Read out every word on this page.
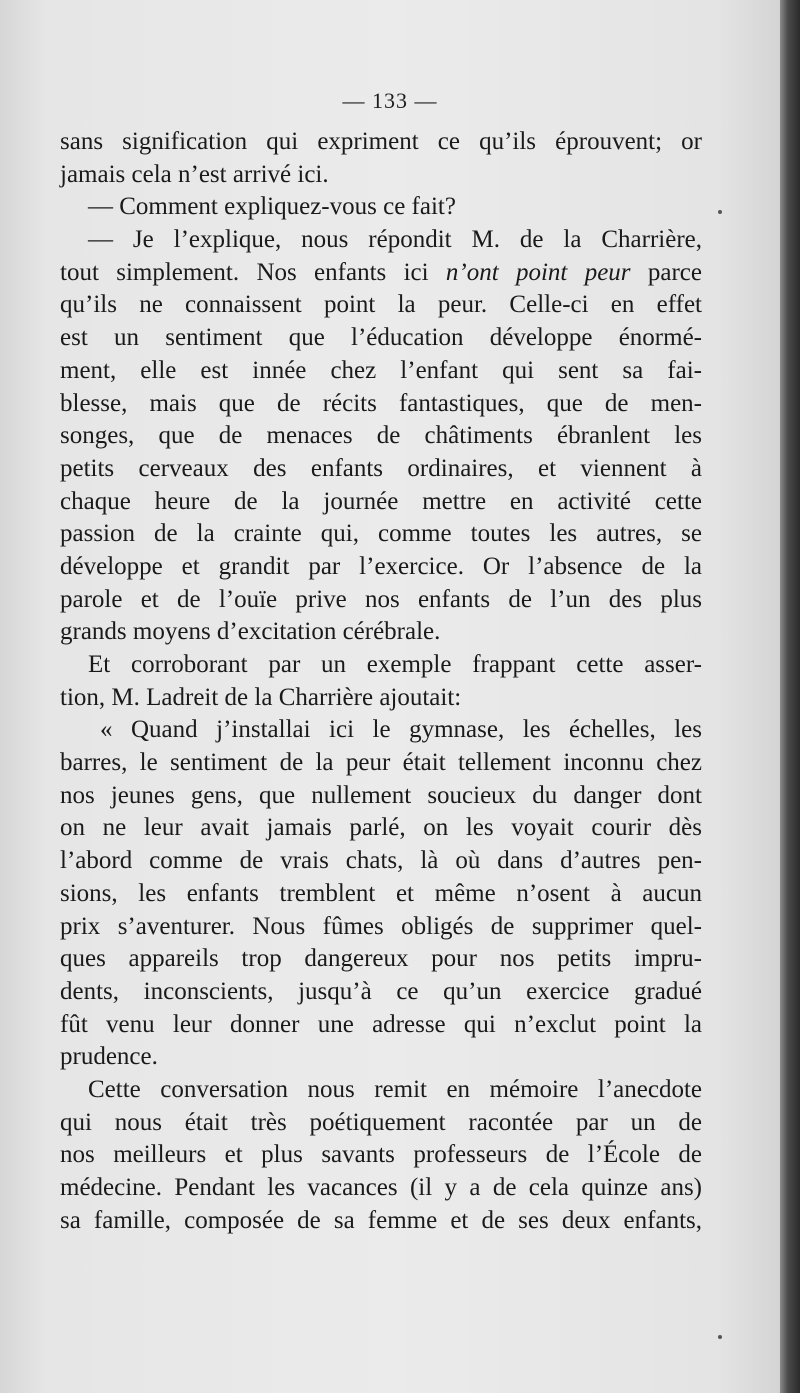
— 133 —
sans signification qui expriment ce qu’ils éprouvent; or
jamais cela n’est arrivé ici.
— Comment expliquez-vous ce fait?
— Je l’explique, nous répondit M. de la Charrière,
tout simplement. Nos enfants ici n’ont point peur parce
qu’ils ne connaissent point la peur. Celle-ci en effet
est un sentiment que l’éducation développe énormé-
ment, elle est innée chez l’enfant qui sent sa fai-
blesse, mais que de récits fantastiques, que de men-
songes, que de menaces de châtiments ébranlent les
petits cerveaux des enfants ordinaires, et viennent à
chaque heure de la journée mettre en activité cette
passion de la crainte qui, comme toutes les autres, se
développe et grandit par l’exercice. Or l’absence de la
parole et de l’ouïe prive nos enfants de l’un des plus
grands moyens d’excitation cérébrale.
Et corroborant par un exemple frappant cette asser-
tion, M. Ladreit de la Charrière ajoutait:
« Quand j’installai ici le gymnase, les échelles, les
barres, le sentiment de la peur était tellement inconnu chez
nos jeunes gens, que nullement soucieux du danger dont
on ne leur avait jamais parlé, on les voyait courir dès
l’abord comme de vrais chats, là où dans d’autres pen-
sions, les enfants tremblent et même n’osent à aucun
prix s’aventurer. Nous fûmes obligés de supprimer quel-
ques appareils trop dangereux pour nos petits impru-
dents, inconscients, jusqu’à ce qu’un exercice gradué
fût venu leur donner une adresse qui n’exclut point la
prudence.
Cette conversation nous remit en mémoire l’anecdote
qui nous était très poétiquement racontée par un de
nos meilleurs et plus savants professeurs de l’École de
médecine. Pendant les vacances (il y a de cela quinze ans)
sa famille, composée de sa femme et de ses deux enfants,
